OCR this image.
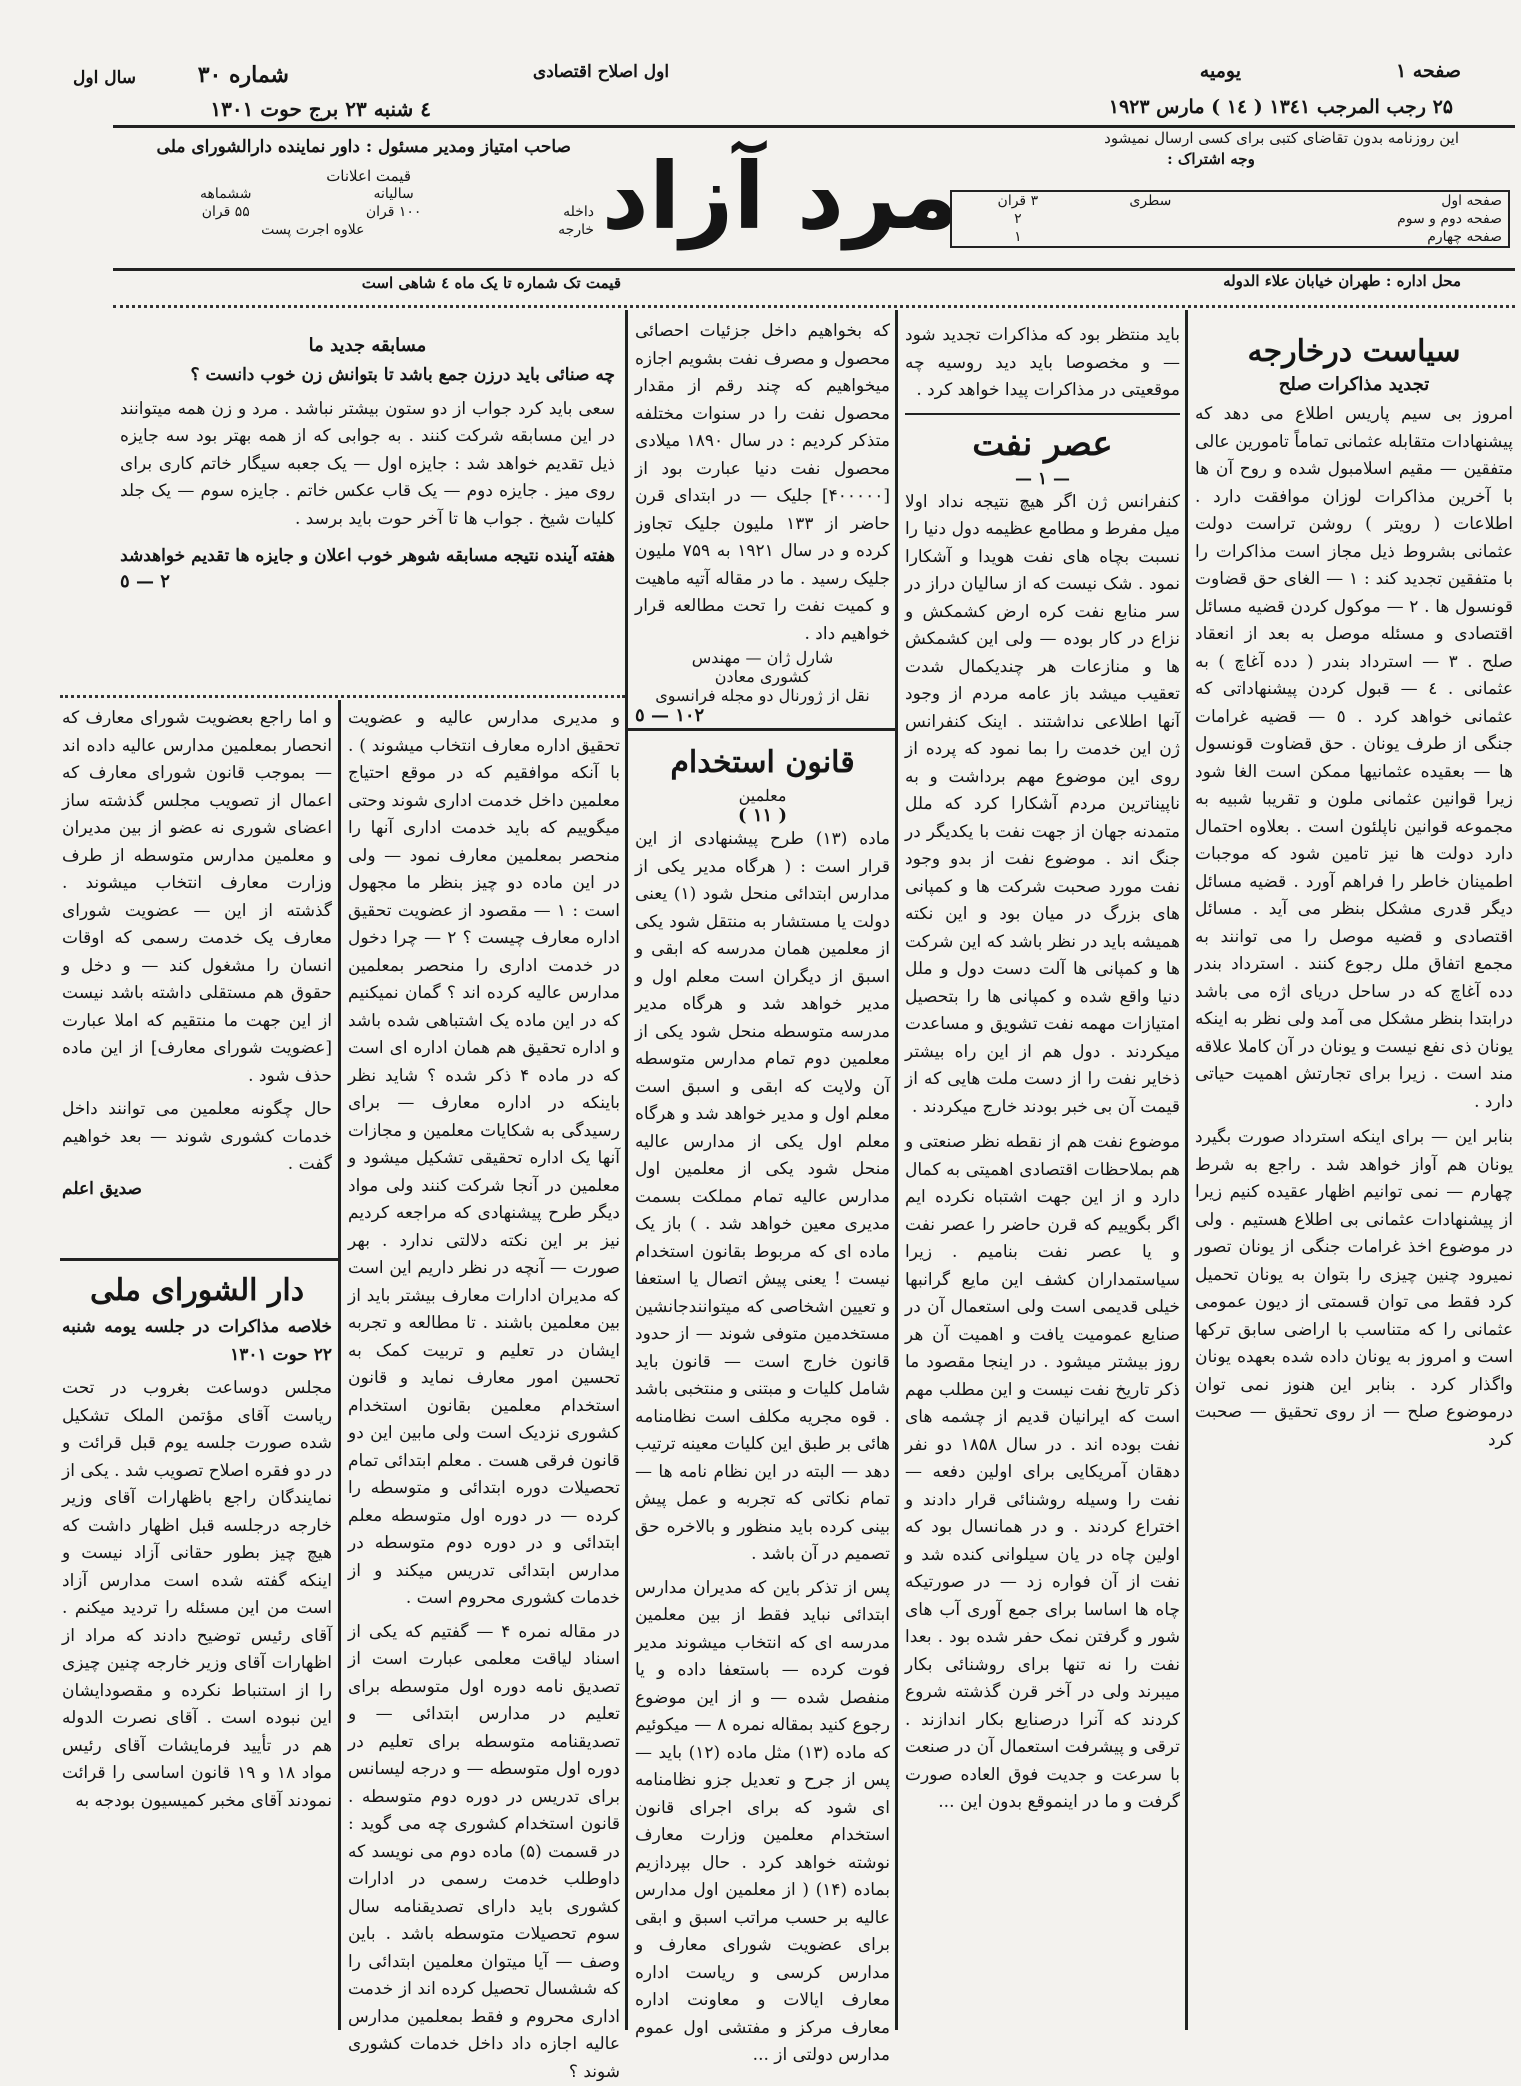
سال اول	شماره ۳۰
٤ شنبه ۲۳ برج حوت ۱۳۰۱
اول اصلاح اقتصادی	یومیه	صفحه ۱
۲۵ رجب المرجب ۱۳٤۱ ( ۱٤ ) مارس ۱۹۲۳
صاحب امتیاز ومدیر مسئول : داور نماینده دارالشورای ملی
قیمت اعلانات
این روزنامه بدون تقاضای کتبی برای کسی ارسال نمیشود
وجه اشتراک :
مرد آزاد
	سالیانه	ششماهه
داخله	۱۰۰ قران	۵۵ قران
خارجه	علاوه اجرت پست	
صفحه اول	سطری	۳ قران
صفحه دوم و سوم		۲
صفحه چهارم		۱
محل اداره : طهران خیابان علاء الدوله
قیمت تک شماره تا یک ماه ٤ شاهی است

سیاست درخارجه

تجدید مذاکرات صلح

امروز بی سیم پاریس اطلاع می دهد که پیشنهادات متقابله عثمانی تماماً تامورین عالی متفقین — مقیم اسلامبول شده و روح آن ها با آخرین مذاکرات لوزان موافقت دارد . اطلاعات ( رویتر ) روشن تراست دولت عثمانی بشروط ذیل مجاز است مذاکرات را با متفقین تجدید کند : ۱ — الغای حق قضاوت قونسول ها . ۲ — موکول کردن قضیه مسائل اقتصادی و مسئله موصل به بعد از انعقاد صلح . ۳ — استرداد بندر ( دده آغاچ ) به عثمانی . ٤ — قبول کردن پیشنهاداتی که عثمانی خواهد کرد . ٥ — قضیه غرامات جنگی از طرف یونان . حق قضاوت قونسول ها — بعقیده عثمانیها ممکن است الغا شود زیرا قوانین عثمانی ملون و تقریبا شبیه به مجموعه قوانین ناپلئون است . بعلاوه احتمال دارد دولت ها نیز تامین شود که موجبات اطمینان خاطر را فراهم آورد . قضیه مسائل دیگر قدری مشکل بنظر می آید . مسائل اقتصادی و قضیه موصل را می توانند به مجمع اتفاق ملل رجوع کنند . استرداد بندر دده آغاچ که در ساحل دریای اژه می باشد درابتدا بنظر مشکل می آمد ولی نظر به اینکه یونان ذی نفع نیست و یونان در آن کاملا علاقه مند است . زیرا برای تجارتش اهمیت حیاتی دارد .

بنابر این — برای اینکه استرداد صورت بگیرد یونان هم آواز خواهد شد . راجع به شرط چهارم — نمی توانیم اظهار عقیده کنیم زیرا از پیشنهادات عثمانی بی اطلاع هستیم . ولی در موضوع اخذ غرامات جنگی از یونان تصور نمیرود چنین چیزی را بتوان به یونان تحمیل کرد فقط می توان قسمتی از دیون عمومی عثمانی را که متناسب با اراضی سابق ترکها است و امروز به یونان داده شده بعهده یونان واگذار کرد . بنابر این هنوز نمی توان درموضوع صلح — از روی تحقیق — صحبت کرد

باید منتظر بود که مذاکرات تجدید شود — و مخصوصا باید دید روسیه چه موقعیتی در مذاکرات پیدا خواهد کرد .

عصر نفت

— ۱ —

کنفرانس ژن اگر هیچ نتیجه نداد اولا میل مفرط و مطامع عظیمه دول دنیا را نسبت بچاه های نفت هویدا و آشکارا نمود . شک نیست که از سالیان دراز در سر منابع نفت کره ارض کشمکش و نزاع در کار بوده — ولی این کشمکش ها و منازعات هر چندیکمال شدت تعقیب میشد باز عامه مردم از وجود آنها اطلاعی نداشتند . اینک کنفرانس ژن این خدمت را بما نمود که پرده از روی این موضوع مهم برداشت و به ناپیناترین مردم آشکارا کرد که ملل متمدنه جهان از جهت نفت با یکدیگر در جنگ اند . موضوع نفت از بدو وجود نفت مورد صحبت شرکت ها و کمپانی های بزرگ در میان بود و این نکته همیشه باید در نظر باشد که این شرکت ها و کمپانی ها آلت دست دول و ملل دنیا واقع شده و کمپانی ها را بتحصیل امتیازات مهمه نفت تشویق و مساعدت میکردند . دول هم از این راه بیشتر ذخایر نفت را از دست ملت هایی که از قیمت آن بی خبر بودند خارج میکردند .

موضوع نفت هم از نقطه نظر صنعتی و هم بملاحظات اقتصادی اهمیتی به کمال دارد و از این جهت اشتباه نکرده ایم اگر بگوییم که قرن حاضر را عصر نفت و یا عصر نفت بنامیم . زیرا سیاستمداران کشف این مایع گرانبها خیلی قدیمی است ولی استعمال آن در صنایع عمومیت یافت و اهمیت آن هر روز بیشتر میشود . در اینجا مقصود ما ذکر تاریخ نفت نیست و این مطلب مهم است که ایرانیان قدیم از چشمه های نفت بوده اند . در سال ۱۸۵۸ دو نفر دهقان آمریکایی برای اولین دفعه — نفت را وسیله روشنائی قرار دادند و اختراع کردند . و در همانسال بود که اولین چاه در یان سیلوانی کنده شد و نفت از آن فواره زد — در صورتیکه چاه ها اساسا برای جمع آوری آب های شور و گرفتن نمک حفر شده بود . بعدا نفت را نه تنها برای روشنائی بکار میبرند ولی در آخر قرن گذشته شروع کردند که آنرا درصنایع بکار اندازند . ترقی و پیشرفت استعمال آن در صنعت با سرعت و جدیت فوق العاده صورت گرفت و ما در اینموقع بدون این ...

که بخواهیم داخل جزئیات احصائی محصول و مصرف نفت بشویم اجازه میخواهیم که چند رقم از مقدار محصول نفت را در سنوات مختلفه متذکر کردیم : در سال ۱۸۹۰ میلادی محصول نفت دنیا عبارت بود از [۴۰۰۰۰۰] جلیک — در ابتدای قرن حاضر از ۱۳۳ ملیون جلیک تجاوز کرده و در سال ۱۹۲۱ به ۷۵۹ ملیون جلیک رسید . ما در مقاله آتیه ماهیت و کمیت نفت را تحت مطالعه قرار خواهیم داد .

شارل ژان — مهندس

کشوری معادن

نقل از ژورنال دو مجله فرانسوی

۱۰۲ — ٥

قانون استخدام

معلمین

( ۱۱ )

ماده (۱۳) طرح پیشنهادی از این قرار است : ( هرگاه مدیر یکی از مدارس ابتدائی منحل شود (۱) یعنی دولت یا مستشار به منتقل شود یکی از معلمین همان مدرسه که ابقی و اسبق از دیگران است معلم اول و مدیر خواهد شد و هرگاه مدیر مدرسه متوسطه منحل شود یکی از معلمین دوم تمام مدارس متوسطه آن ولایت که ابقی و اسبق است معلم اول و مدیر خواهد شد و هرگاه معلم اول یکی از مدارس عالیه منحل شود یکی از معلمین اول مدارس عالیه تمام مملکت بسمت مدیری معین خواهد شد . ) باز یک ماده ای که مربوط بقانون استخدام نیست ! یعنی پیش اتصال یا استعفا و تعیین اشخاصی که میتوانندجانشین مستخدمین متوفی شوند — از حدود قانون خارج است — قانون باید شامل کلیات و مبتنی و منتخبی باشد . قوه مجریه مکلف است نظامنامه هائی بر طبق این کلیات معینه ترتیب دهد — البته در این نظام نامه ها — تمام نکاتی که تجربه و عمل پیش بینی کرده باید منظور و بالاخره حق تصمیم در آن باشد .

پس از تذکر باین که مدیران مدارس ابتدائی نباید فقط از بین معلمین مدرسه ای که انتخاب میشوند مدیر فوت کرده — باستعفا داده و یا منفصل شده — و از این موضوع رجوع کنید بمقاله نمره ۸ — میکوئیم که ماده (۱۳) مثل ماده (۱۲) باید — پس از جرح و تعدیل جزو نظامنامه ای شود که برای اجرای قانون استخدام معلمین وزارت معارف نوشته خواهد کرد . حال بپردازیم بماده (۱۴) ( از معلمین اول مدارس عالیه بر حسب مراتب اسبق و ابقی برای عضویت شورای معارف و مدارس کرسی و ریاست اداره معارف ایالات و معاونت اداره معارف مرکز و مفتشی اول عموم مدارس دولتی از ...

مسابقه جدید ما

چه صنائی باید درزن جمع باشد تا بتوانش زن خوب دانست ؟

سعی باید کرد جواب از دو ستون بیشتر نباشد . مرد و زن همه میتوانند در این مسابقه شرکت کنند . به جوابی که از همه بهتر بود سه جایزه ذیل تقدیم خواهد شد : جایزه اول — یک جعبه سیگار خاتم کاری برای روی میز . جایزه دوم — یک قاب عکس خاتم . جایزه سوم — یک جلد کلیات شیخ . جواب ها تا آخر حوت باید برسد .

هفته آینده نتیجه مسابقه شوهر خوب اعلان و جایزه ها تقدیم خواهدشد

۲ — ٥

و مدیری مدارس عالیه و عضویت تحقیق اداره معارف انتخاب میشوند ) . با آنکه موافقیم که در موقع احتیاج معلمین داخل خدمت اداری شوند وحتی میگوییم که باید خدمت اداری آنها را منحصر بمعلمین معارف نمود — ولی در این ماده دو چیز بنظر ما مجهول است : ۱ — مقصود از عضویت تحقیق اداره معارف چیست ؟ ۲ — چرا دخول در خدمت اداری را منحصر بمعلمین مدارس عالیه کرده اند ؟ گمان نمیکنیم که در این ماده یک اشتباهی شده باشد و اداره تحقیق هم همان اداره ای است که در ماده ۴ ذکر شده ؟ شاید نظر باینکه در اداره معارف — برای رسیدگی به شکایات معلمین و مجازات آنها یک اداره تحقیقی تشکیل میشود و معلمین در آنجا شرکت کنند ولی مواد دیگر طرح پیشنهادی که مراجعه کردیم نیز بر این نکته دلالتی ندارد . بهر صورت — آنچه در نظر داریم این است که مدیران ادارات معارف بیشتر باید از بین معلمین باشند . تا مطالعه و تجربه ایشان در تعلیم و تربیت کمک به تحسین امور معارف نماید و قانون استخدام معلمین بقانون استخدام کشوری نزدیک است ولی مابین این دو قانون فرقی هست . معلم ابتدائی تمام تحصیلات دوره ابتدائی و متوسطه را کرده — در دوره اول متوسطه معلم ابتدائی و در دوره دوم متوسطه در مدارس ابتدائی تدریس میکند و از خدمات کشوری محروم است .

در مقاله نمره ۴ — گفتیم که یکی از اسناد لیاقت معلمی عبارت است از تصدیق نامه دوره اول متوسطه برای تعلیم در مدارس ابتدائی — و تصدیقنامه متوسطه برای تعلیم در دوره اول متوسطه — و درجه لیسانس برای تدریس در دوره دوم متوسطه . قانون استخدام کشوری چه می گوید : در قسمت (۵) ماده دوم می نویسد که داوطلب خدمت رسمی در ادارات کشوری باید دارای تصدیقنامه سال سوم تحصیلات متوسطه باشد . باین وصف — آیا میتوان معلمین ابتدائی را که ششسال تحصیل کرده اند از خدمت اداری محروم و فقط بمعلمین مدارس عالیه اجازه داد داخل خدمات کشوری شوند ؟

و اما راجع بعضویت شورای معارف که انحصار بمعلمین مدارس عالیه داده اند — بموجب قانون شورای معارف که اعمال از تصویب مجلس گذشته ساز اعضای شوری نه عضو از بین مدیران و معلمین مدارس متوسطه از طرف وزارت معارف انتخاب میشوند . گذشته از این — عضویت شورای معارف یک خدمت رسمی که اوقات انسان را مشغول کند — و دخل و حقوق هم مستقلی داشته باشد نیست از این جهت ما منتقیم که املا عبارت [عضویت شورای معارف] از این ماده حذف شود .

حال چگونه معلمین می توانند داخل خدمات کشوری شوند — بعد خواهیم گفت .

صدیق اعلم

دار الشوراى ملى

خلاصه مذاکرات در جلسه یومه شنبه ۲۲ حوت ۱۳۰۱

مجلس دوساعت بغروب در تحت ریاست آقای مؤتمن الملک تشکیل شده صورت جلسه یوم قبل قرائت و در دو فقره اصلاح تصویب شد . یکی از نمایندگان راجع باظهارات آقای وزیر خارجه درجلسه قبل اظهار داشت که هیچ چیز بطور حقانی آزاد نیست و اینکه گفته شده است مدارس آزاد است من این مسئله را تردید میکنم . آقای رئیس توضیح دادند که مراد از اظهارات آقای وزیر خارجه چنین چیزی را از استنباط نکرده و مقصودایشان این نبوده است . آقای نصرت الدوله هم در تأیید فرمایشات آقای رئیس مواد ۱۸ و ۱۹ قانون اساسی را قرائت نمودند آقای مخبر کمیسیون بودجه به
